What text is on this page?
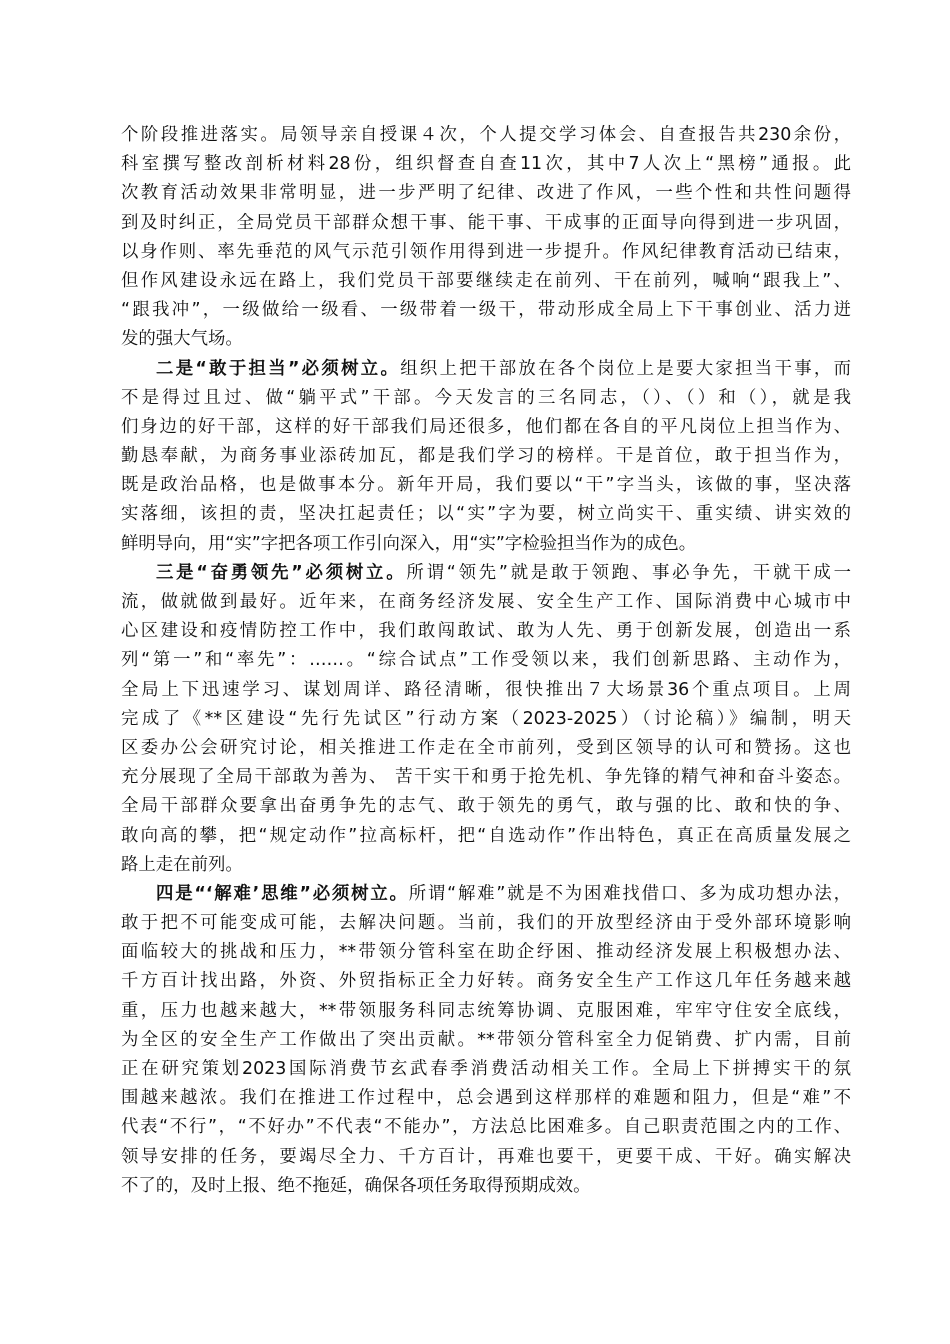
个阶段推进落实。局领导亲自授课４次，个人提交学习体会、自查报告共230余份，
科室撰写整改剖析材料28份，组织督查自查11次，其中7人次上“黑榜”通报。此
次教育活动效果非常明显，进一步严明了纪律、改进了作风，一些个性和共性问题得
到及时纠正，全局党员干部群众想干事、能干事、干成事的正面导向得到进一步巩固，
以身作则、率先垂范的风气示范引领作用得到进一步提升。作风纪律教育活动已结束，
但作风建设永远在路上，我们党员干部要继续走在前列、干在前列，喊响“跟我上”、
“跟我冲”，一级做给一级看、一级带着一级干，带动形成全局上下干事创业、活力迸
发的强大气场。
二是“敢于担当”必须树立。组织上把干部放在各个岗位上是要大家担当干事，而
不是得过且过、做“躺平式”干部。今天发言的三名同志，（）、（）和（），就是我
们身边的好干部，这样的好干部我们局还很多，他们都在各自的平凡岗位上担当作为、
勤恳奉献，为商务事业添砖加瓦，都是我们学习的榜样。干是首位，敢于担当作为，
既是政治品格，也是做事本分。新年开局，我们要以“干”字当头，该做的事，坚决落
实落细，该担的责，坚决扛起责任；以“实”字为要，树立尚实干、重实绩、讲实效的
鲜明导向，用“实”字把各项工作引向深入，用“实”字检验担当作为的成色。
三是“奋勇领先”必须树立。所谓“领先”就是敢于领跑、事必争先，干就干成一
流，做就做到最好。近年来，在商务经济发展、安全生产工作、国际消费中心城市中
心区建设和疫情防控工作中，我们敢闯敢试、敢为人先、勇于创新发展，创造出一系
列“第一”和“率先”：……。“综合试点”工作受领以来，我们创新思路、主动作为，
全局上下迅速学习、谋划周详、路径清晰，很快推出７大场景36个重点项目。上周
完成了《**区建设“先行先试区”行动方案（2023-2025）（讨论稿）》编制，明天
区委办公会研究讨论，相关推进工作走在全市前列，受到区领导的认可和赞扬。这也
充分展现了全局干部敢为善为、 苦干实干和勇于抢先机、争先锋的精气神和奋斗姿态。
全局干部群众要拿出奋勇争先的志气、敢于领先的勇气，敢与强的比、敢和快的争、
敢向高的攀，把“规定动作”拉高标杆，把“自选动作”作出特色，真正在高质量发展之
路上走在前列。
四是“‘解难’思维”必须树立。所谓“解难”就是不为困难找借口、多为成功想办法，
敢于把不可能变成可能，去解决问题。当前，我们的开放型经济由于受外部环境影响
面临较大的挑战和压力，**带领分管科室在助企纾困、推动经济发展上积极想办法、
千方百计找出路，外资、外贸指标正全力好转。商务安全生产工作这几年任务越来越
重，压力也越来越大，**带领服务科同志统筹协调、克服困难，牢牢守住安全底线，
为全区的安全生产工作做出了突出贡献。**带领分管科室全力促销费、扩内需，目前
正在研究策划2023国际消费节玄武春季消费活动相关工作。全局上下拼搏实干的氛
围越来越浓。我们在推进工作过程中，总会遇到这样那样的难题和阻力，但是“难”不
代表“不行”，“不好办”不代表“不能办”，方法总比困难多。自己职责范围之内的工作、
领导安排的任务，要竭尽全力、千方百计，再难也要干，更要干成、干好。确实解决
不了的，及时上报、绝不拖延，确保各项任务取得预期成效。
